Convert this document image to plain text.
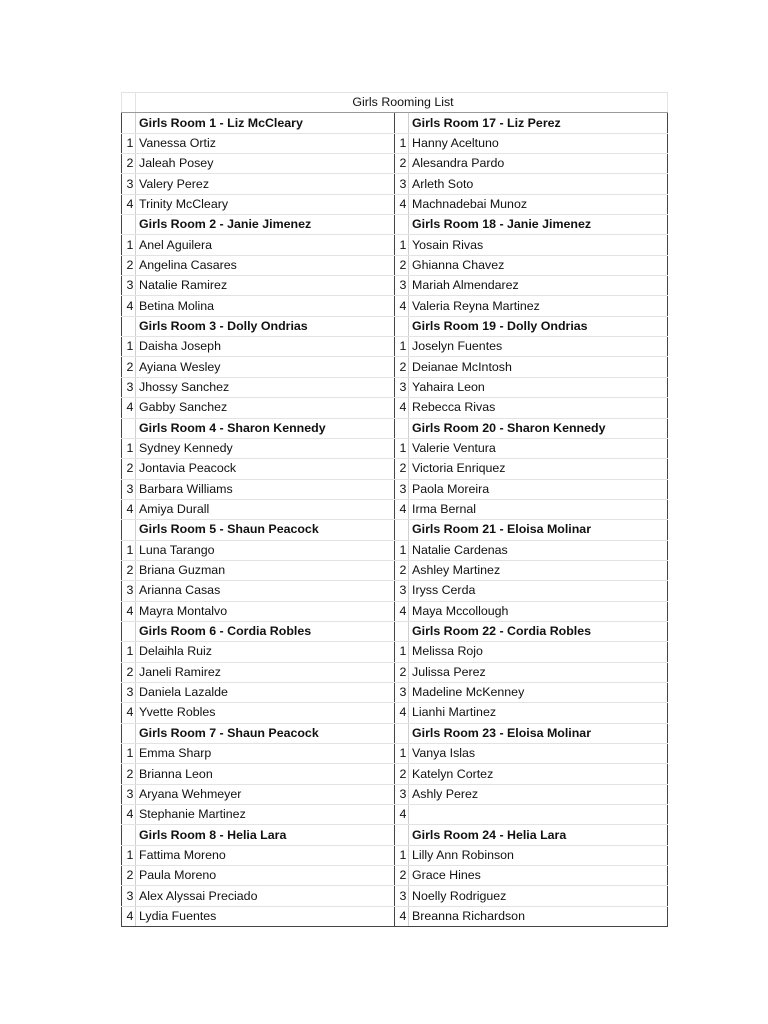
	Girls Rooming List		
	Girls Room 1 - Liz McCleary		Girls Room 17 - Liz Perez
1	Vanessa Ortiz	1	Hanny Aceltuno
2	Jaleah Posey	2	Alesandra Pardo
3	Valery Perez	3	Arleth Soto
4	Trinity McCleary	4	Machnadebai Munoz
	Girls Room 2 - Janie Jimenez		Girls Room 18 - Janie Jimenez
1	Anel Aguilera	1	Yosain Rivas
2	Angelina Casares	2	Ghianna Chavez
3	Natalie Ramirez	3	Mariah Almendarez
4	Betina Molina	4	Valeria Reyna Martinez
	Girls Room 3 - Dolly Ondrias		Girls Room 19 - Dolly Ondrias
1	Daisha Joseph	1	Joselyn Fuentes
2	Ayiana Wesley	2	Deianae McIntosh
3	Jhossy Sanchez	3	Yahaira Leon
4	Gabby Sanchez	4	Rebecca Rivas
	Girls Room 4 - Sharon Kennedy		Girls Room 20 - Sharon Kennedy
1	Sydney Kennedy	1	Valerie Ventura
2	Jontavia Peacock	2	Victoria Enriquez
3	Barbara Williams	3	Paola Moreira
4	Amiya Durall	4	Irma Bernal
	Girls Room 5 - Shaun Peacock		Girls Room 21 - Eloisa Molinar
1	Luna Tarango	1	Natalie Cardenas
2	Briana Guzman	2	Ashley Martinez
3	Arianna Casas	3	Iryss Cerda
4	Mayra Montalvo	4	Maya Mccollough
	Girls Room 6 - Cordia Robles		Girls Room 22 - Cordia Robles
1	Delaihla Ruiz	1	Melissa Rojo
2	Janeli Ramirez	2	Julissa Perez
3	Daniela Lazalde	3	Madeline McKenney
4	Yvette Robles	4	Lianhi Martinez
	Girls Room 7 - Shaun Peacock		Girls Room 23 - Eloisa Molinar
1	Emma Sharp	1	Vanya Islas
2	Brianna Leon	2	Katelyn Cortez
3	Aryana Wehmeyer	3	Ashly Perez
4	Stephanie Martinez	4	
	Girls Room 8 - Helia Lara		Girls Room 24 - Helia Lara
1	Fattima Moreno	1	Lilly Ann Robinson
2	Paula Moreno	2	Grace Hines
3	Alex Alyssai Preciado	3	Noelly Rodriguez
4	Lydia Fuentes	4	Breanna Richardson
